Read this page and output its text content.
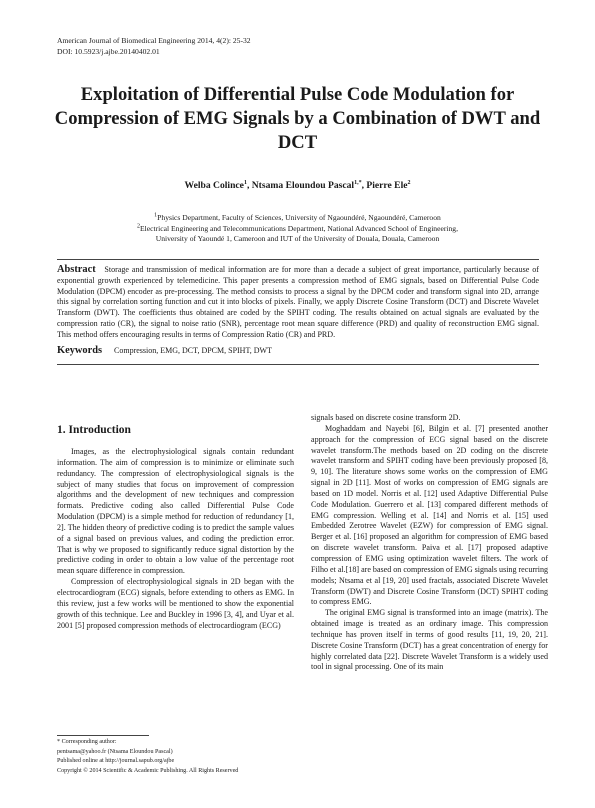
American Journal of Biomedical Engineering 2014, 4(2): 25-32
DOI: 10.5923/j.ajbe.20140402.01
Exploitation of Differential Pulse Code Modulation for Compression of EMG Signals by a Combination of DWT and DCT
Welba Colince$^1$, Ntsama Eloundou Pascal$^{1,*}$, Pierre Ele$^2$
$^1$Physics Department, Faculty of Sciences, University of Ngaoundéré, Ngaoundéré, Cameroon
$^2$Electrical Engineering and Telecommunications Department, National Advanced School of Engineering,
University of Yaoundé 1, Cameroon and IUT of the University of Douala, Douala, Cameroon
Abstract Storage and transmission of medical information are for more than a decade a subject of great importance, particularly because of exponential growth experienced by telemedicine. This paper presents a compression method of EMG signals, based on Differential Pulse Code Modulation (DPCM) encoder as pre-processing. The method consists to process a signal by the DPCM coder and transform signal into 2D, arrange this signal by correlation sorting function and cut it into blocks of pixels. Finally, we apply Discrete Cosine Transform (DCT) and Discrete Wavelet Transform (DWT). The coefficients thus obtained are coded by the SPIHT coding. The results obtained on actual signals are evaluated by the compression ratio (CR), the signal to noise ratio (SNR), percentage root mean square difference (PRD) and quality of reconstruction EMG signal. This method offers encouraging results in terms of Compression Ratio (CR) and PRD.
Keywords Compression, EMG, DCT, DPCM, SPIHT, DWT
1. Introduction

Images, as the electrophysiological signals contain redundant information. The aim of compression is to minimize or eliminate such redundancy. The compression of electrophysiological signals is the subject of many studies that focus on improvement of compression algorithms and the development of new techniques and compression formats. Predictive coding also called Differential Pulse Code Modulation (DPCM) is a simple method for reduction of redundancy [1, 2]. The hidden theory of predictive coding is to predict the sample values of a signal based on previous values, and coding the prediction error. That is why we proposed to significantly reduce signal distortion by the predictive coding in order to obtain a low value of the percentage root mean square difference in compression.

Compression of electrophysiological signals in 2D began with the electrocardiogram (ECG) signals, before extending to others as EMG. In this review, just a few works will be mentioned to show the exponential growth of this technique. Lee and Buckley in 1996 [3, 4], and Uyar et al. 2001 [5] proposed compression methods of electrocardiogram (ECG)

signals based on discrete cosine transform 2D.

Moghaddam and Nayebi [6], Bilgin et al. [7] presented another approach for the compression of ECG signal based on the discrete wavelet transform.The methods based on 2D coding on the discrete wavelet transform and SPIHT coding have been previously proposed [8, 9, 10]. The literature shows some works on the compression of EMG signal in 2D [11]. Most of works on compression of EMG signals are based on 1D model. Norris et al. [12] used Adaptive Differential Pulse Code Modulation. Guerrero et al. [13] compared different methods of EMG compression. Welling et al. [14] and Norris et al. [15] used Embedded Zerotree Wavelet (EZW) for compression of EMG signal. Berger et al. [16] proposed an algorithm for compression of EMG based on discrete wavelet transform. Paiva et al. [17] proposed adaptive compression of EMG using optimization wavelet filters. The work of Filho et al.[18] are based on compression of EMG signals using recurring models; Ntsama et al [19, 20] used fractals, associated Discrete Wavelet Transform (DWT) and Discrete Cosine Transform (DCT) SPIHT coding to compress EMG.

The original EMG signal is transformed into an image (matrix). The obtained image is treated as an ordinary image. This compression technique has proven itself in terms of good results [11, 19, 20, 21]. Discrete Cosine Transform (DCT) has a great concentration of energy for highly correlated data [22]. Discrete Wavelet Transform is a widely used tool in signal processing. One of its main

* Corresponding author:
pentsama@yahoo.fr (Ntsama Eloundou Pascal)
Published online at http://journal.sapub.org/ajbe
Copyright © 2014 Scientific & Academic Publishing. All Rights Reserved
